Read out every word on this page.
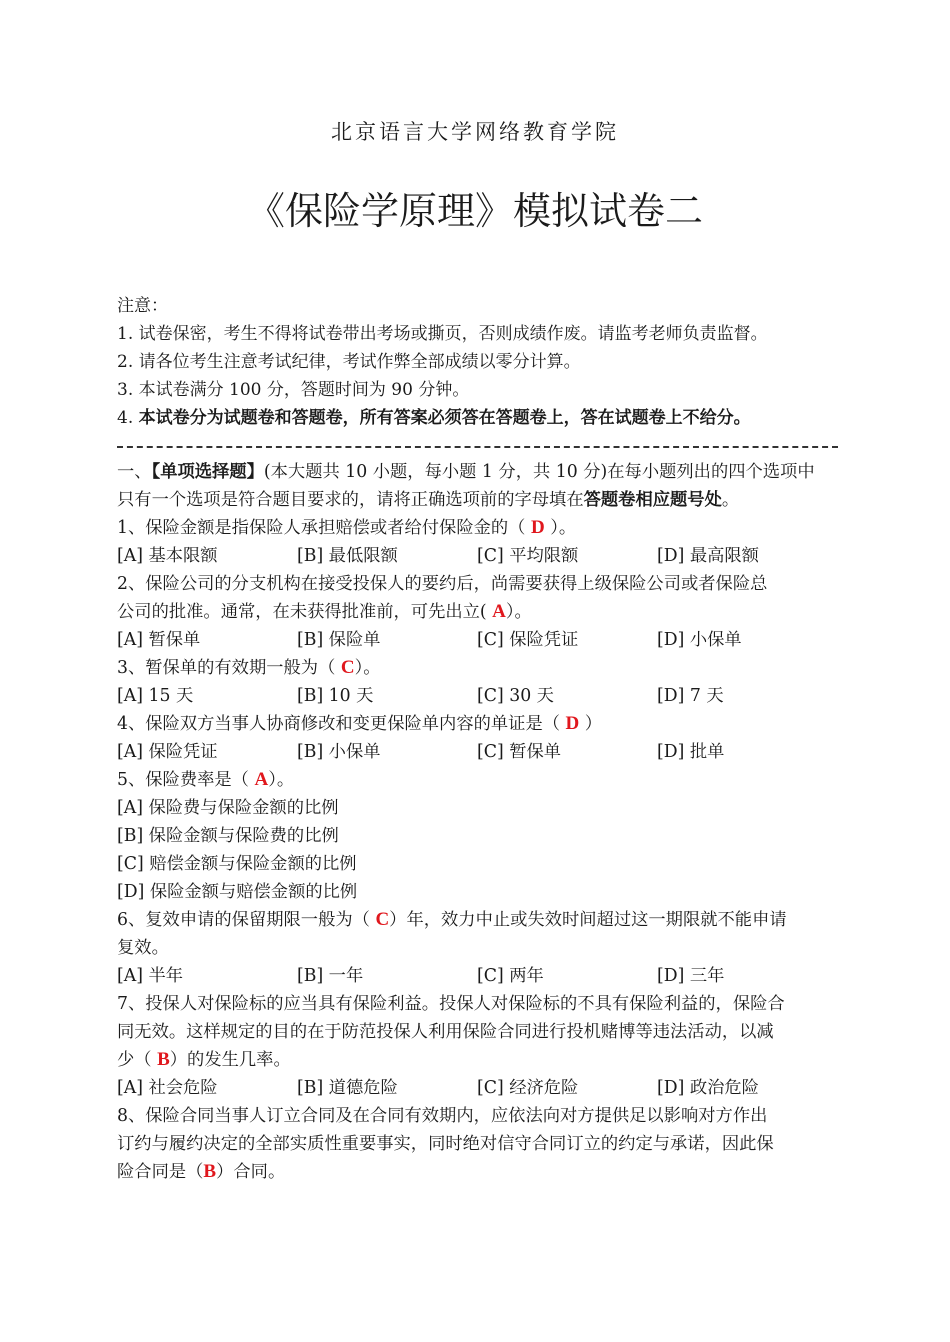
北京语言大学网络教育学院
《保险学原理》模拟试卷二
注意：
1. 试卷保密，考生不得将试卷带出考场或撕页，否则成绩作废。请监考老师负责监督。
2. 请各位考生注意考试纪律，考试作弊全部成绩以零分计算。
3. 本试卷满分 100 分，答题时间为 90 分钟。
4. 本试卷分为试题卷和答题卷，所有答案必须答在答题卷上，答在试题卷上不给分。
一、【单项选择题】(本大题共 10 小题，每小题 1 分，共 10 分)在每小题列出的四个选项中
只有一个选项是符合题目要求的，请将正确选项前的字母填在答题卷相应题号处。
1、保险金额是指保险人承担赔偿或者给付保险金的（ D ）。
[A] 基本限额	[B] 最低限额	[C] 平均限额	[D] 最高限额
2、保险公司的分支机构在接受投保人的要约后，尚需要获得上级保险公司或者保险总
公司的批准。通常，在未获得批准前，可先出立( A）。
[A] 暂保单	[B] 保险单	[C] 保险凭证	[D] 小保单
3、暂保单的有效期一般为（ C）。
[A] 15 天	[B] 10 天	[C] 30 天	[D] 7 天
4、保险双方当事人协商修改和变更保险单内容的单证是（ D ）
[A] 保险凭证	[B] 小保单	[C] 暂保单	[D] 批单
5、保险费率是（ A）。
[A] 保险费与保险金额的比例
[B] 保险金额与保险费的比例
[C] 赔偿金额与保险金额的比例
[D] 保险金额与赔偿金额的比例
6、复效申请的保留期限一般为（ C）年，效力中止或失效时间超过这一期限就不能申请
复效。
[A] 半年	[B] 一年	[C] 两年	[D] 三年
7、投保人对保险标的应当具有保险利益。投保人对保险标的不具有保险利益的，保险合
同无效。这样规定的目的在于防范投保人利用保险合同进行投机赌博等违法活动，以减
少（ B）的发生几率。
[A] 社会危险	[B] 道德危险	[C] 经济危险	[D] 政治危险
8、保险合同当事人订立合同及在合同有效期内，应依法向对方提供足以影响对方作出
订约与履约决定的全部实质性重要事实，同时绝对信守合同订立的约定与承诺，因此保
险合同是（B）合同。
